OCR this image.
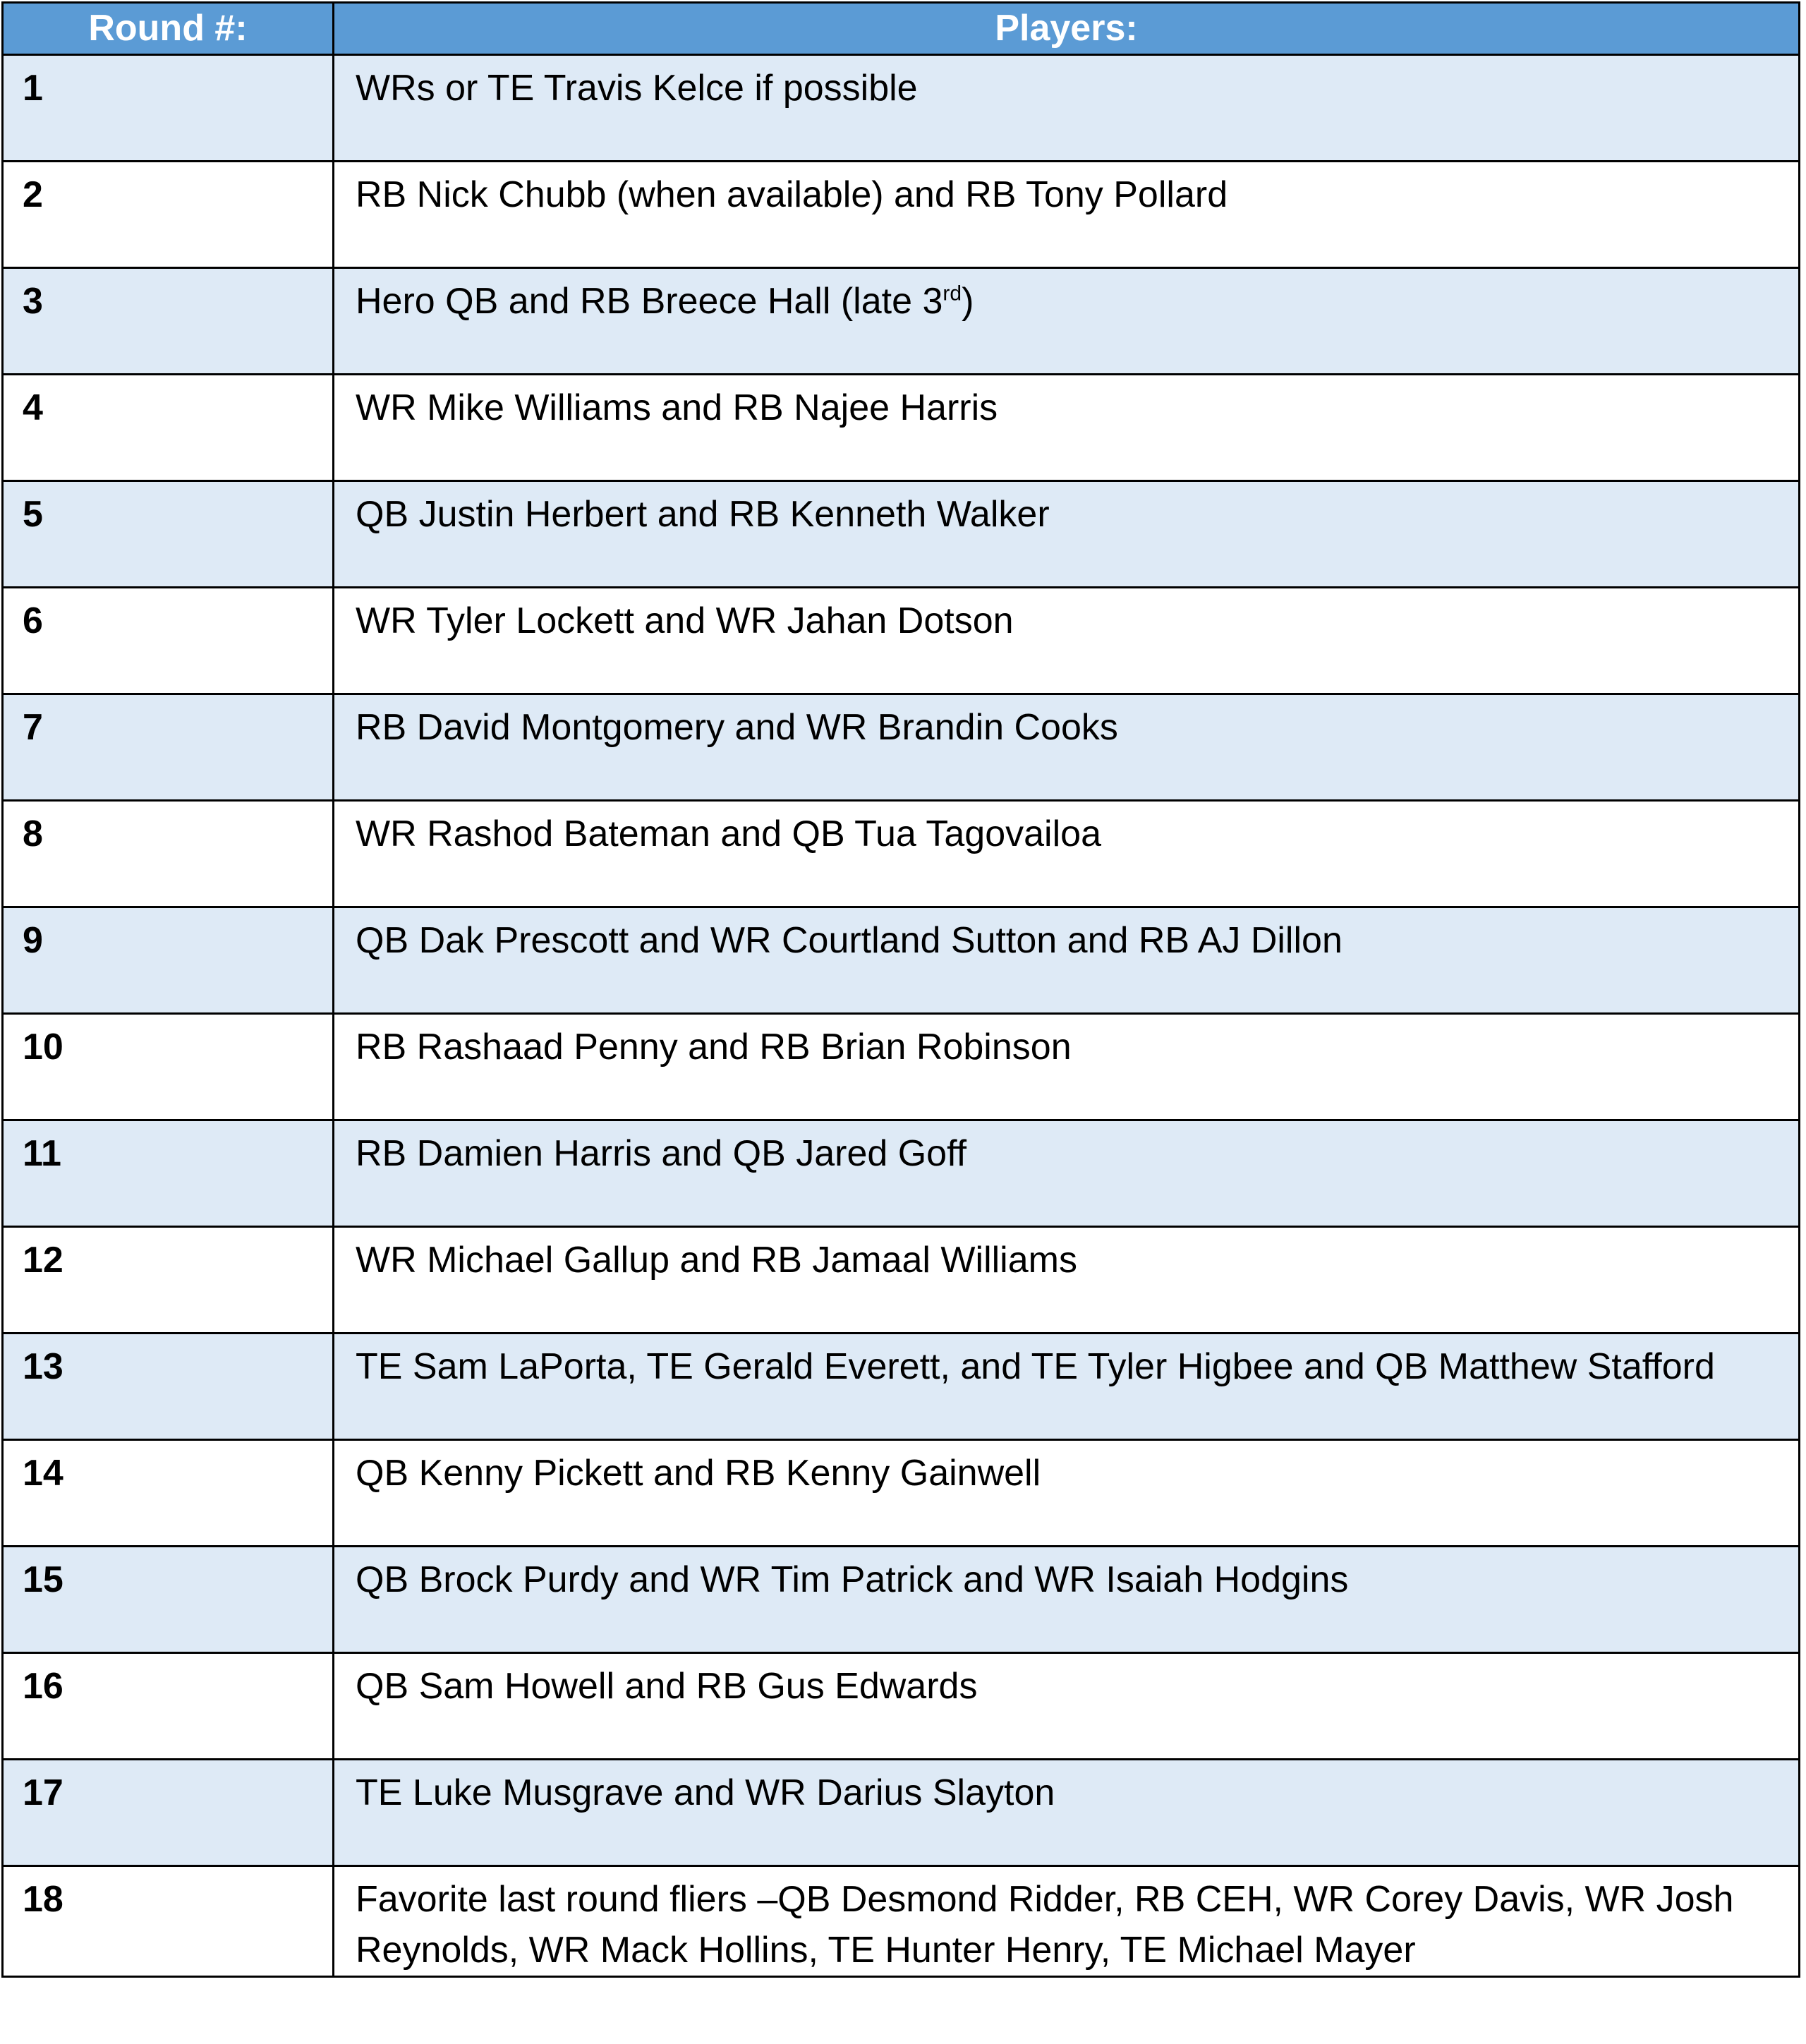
Round #:	Players:
1	WRs or TE Travis Kelce if possible
2	RB Nick Chubb (when available) and RB Tony Pollard
3	Hero QB and RB Breece Hall (late 3rd)
4	WR Mike Williams and RB Najee Harris
5	QB Justin Herbert and RB Kenneth Walker
6	WR Tyler Lockett and WR Jahan Dotson
7	RB David Montgomery and WR Brandin Cooks
8	WR Rashod Bateman and QB Tua Tagovailoa
9	QB Dak Prescott and WR Courtland Sutton and RB AJ Dillon
10	RB Rashaad Penny and RB Brian Robinson
11	RB Damien Harris and QB Jared Goff
12	WR Michael Gallup and RB Jamaal Williams
13	TE Sam LaPorta, TE Gerald Everett, and TE Tyler Higbee and QB Matthew Stafford
14	QB Kenny Pickett and RB Kenny Gainwell
15	QB Brock Purdy and WR Tim Patrick and WR Isaiah Hodgins
16	QB Sam Howell and RB Gus Edwards
17	TE Luke Musgrave and WR Darius Slayton
18	Favorite last round fliers –QB Desmond Ridder, RB CEH, WR Corey Davis, WR Josh Reynolds, WR Mack Hollins, TE Hunter Henry, TE Michael Mayer
